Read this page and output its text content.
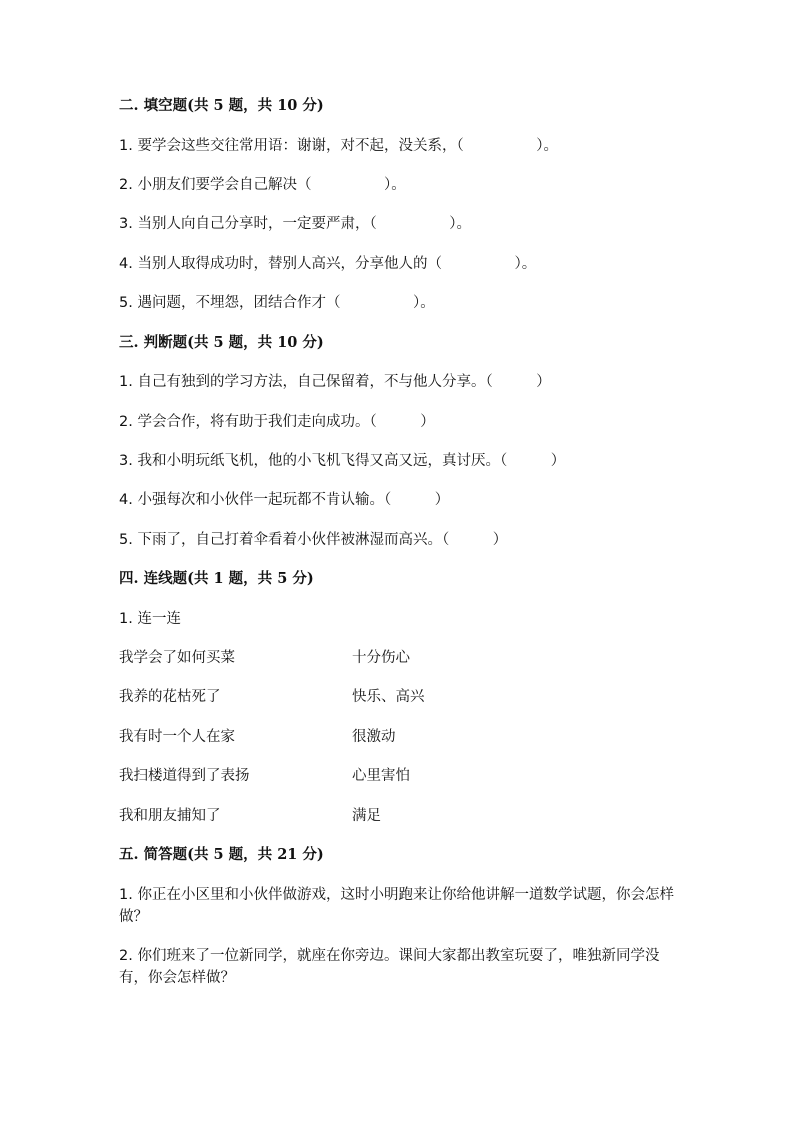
二. 填空题(共 5 题，共 10 分)
1. 要学会这些交往常用语：谢谢，对不起，没关系，（　　　　　）。
2. 小朋友们要学会自己解决（　　　　　）。
3. 当别人向自己分享时，一定要严肃，（　　　　　）。
4. 当别人取得成功时，替别人高兴，分享他人的（　　　　　）。
5. 遇问题，不埋怨，团结合作才（　　　　　）。
三. 判断题(共 5 题，共 10 分)
1. 自己有独到的学习方法，自己保留着，不与他人分享。（　　　）
2. 学会合作，将有助于我们走向成功。（　　　）
3. 我和小明玩纸飞机，他的小飞机飞得又高又远，真讨厌。（　　　）
4. 小强每次和小伙伴一起玩都不肯认输。（　　　）
5. 下雨了，自己打着伞看着小伙伴被淋湿而高兴。（　　　）
四. 连线题(共 1 题，共 5 分)
1. 连一连
我学会了如何买菜	十分伤心
我养的花枯死了	快乐、高兴
我有时一个人在家	很激动
我扫楼道得到了表扬	心里害怕
我和朋友捕知了	满足
五. 简答题(共 5 题，共 21 分)
1. 你正在小区里和小伙伴做游戏，这时小明跑来让你给他讲解一道数学试题，你会怎样做？
2. 你们班来了一位新同学，就座在你旁边。课间大家都出教室玩耍了，唯独新同学没有，你会怎样做？
